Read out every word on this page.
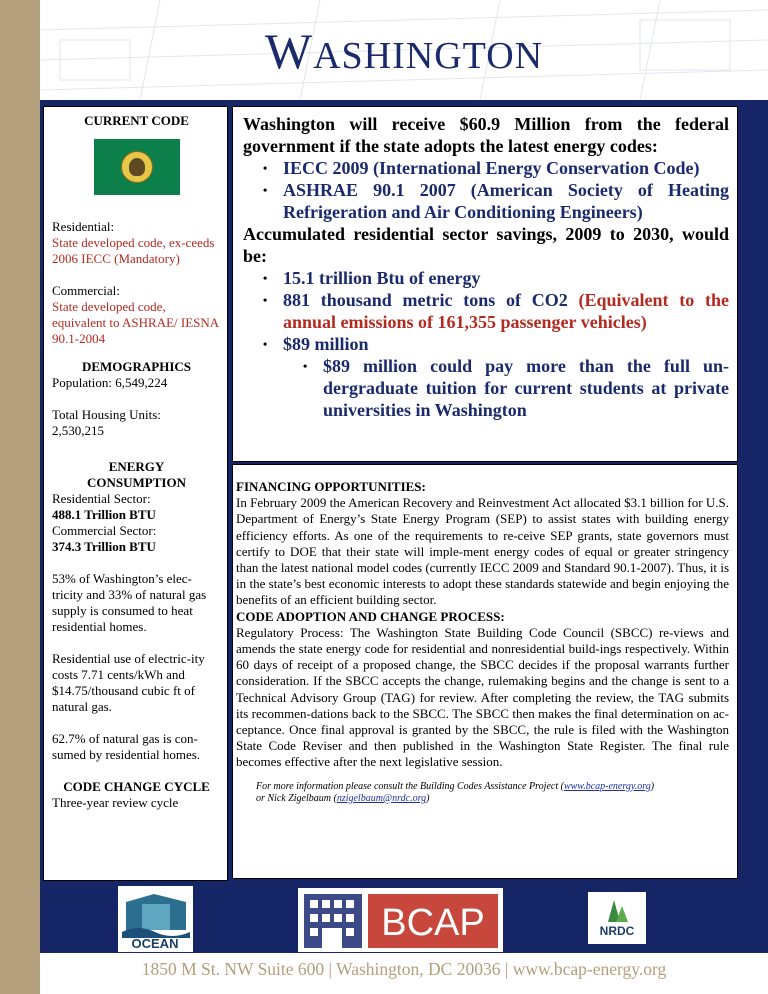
WASHINGTON

CURRENT CODE

Residential:

State developed code, ex-ceeds 2006 IECC (Mandatory)

Commercial:

State developed code, equivalent to ASHRAE/ IESNA 90.1-2004

DEMOGRAPHICS

Population: 6,549,224

Total Housing Units:

2,530,215

ENERGY CONSUMPTION

Residential Sector:

488.1 Trillion BTU

Commercial Sector:

374.3 Trillion BTU

53% of Washington’s elec-tricity and 33% of natural gas supply is consumed to heat residential homes.

Residential use of electric-ity costs 7.71 cents/kWh and $14.75/thousand cubic ft of natural gas.

62.7% of natural gas is con-sumed by residential homes.

CODE CHANGE CYCLE

Three-year review cycle

Washington will receive $60.9 Million from the federal government if the state adopts the latest energy codes:

• IECC 2009 (International Energy Conservation Code)
• ASHRAE 90.1 2007 (American Society of Heating Refrigeration and Air Conditioning Engineers)

Accumulated residential sector savings, 2009 to 2030, would be:

• 15.1 trillion Btu of energy
• 881 thousand metric tons of CO2 (Equivalent to the annual emissions of 161,355 passenger vehicles)
• $89 million
• $89 million could pay more than the full un-dergraduate tuition for current students at private universities in Washington

FINANCING OPPORTUNITIES:

In February 2009 the American Recovery and Reinvestment Act allocated $3.1 billion for U.S. Department of Energy’s State Energy Program (SEP) to assist states with building energy efficiency efforts. As one of the requirements to re-ceive SEP grants, state governors must certify to DOE that their state will imple-ment energy codes of equal or greater stringency than the latest national model codes (currently IECC 2009 and Standard 90.1-2007). Thus, it is in the state’s best economic interests to adopt these standards statewide and begin enjoying the benefits of an efficient building sector.

CODE ADOPTION AND CHANGE PROCESS:

Regulatory Process: The Washington State Building Code Council (SBCC) re-views and amends the state energy code for residential and nonresidential build-ings respectively. Within 60 days of receipt of a proposed change, the SBCC decides if the proposal warrants further consideration. If the SBCC accepts the change, rulemaking begins and the change is sent to a Technical Advisory Group (TAG) for review. After completing the review, the TAG submits its recommen-dations back to the SBCC. The SBCC then makes the final determination on ac-ceptance. Once final approval is granted by the SBCC, the rule is filed with the Washington State Code Reviser and then published in the Washington State Register. The final rule becomes effective after the next legislative session.

For more information please consult the Building Codes Assistance Project (www.bcap-energy.org)
or Nick Zigelbaum (nzigelbaum@nrdc.org)

OCEAN	BCAP	NRDC
1850 M St. NW Suite 600 | Washington, DC 20036 | www.bcap-energy.org
